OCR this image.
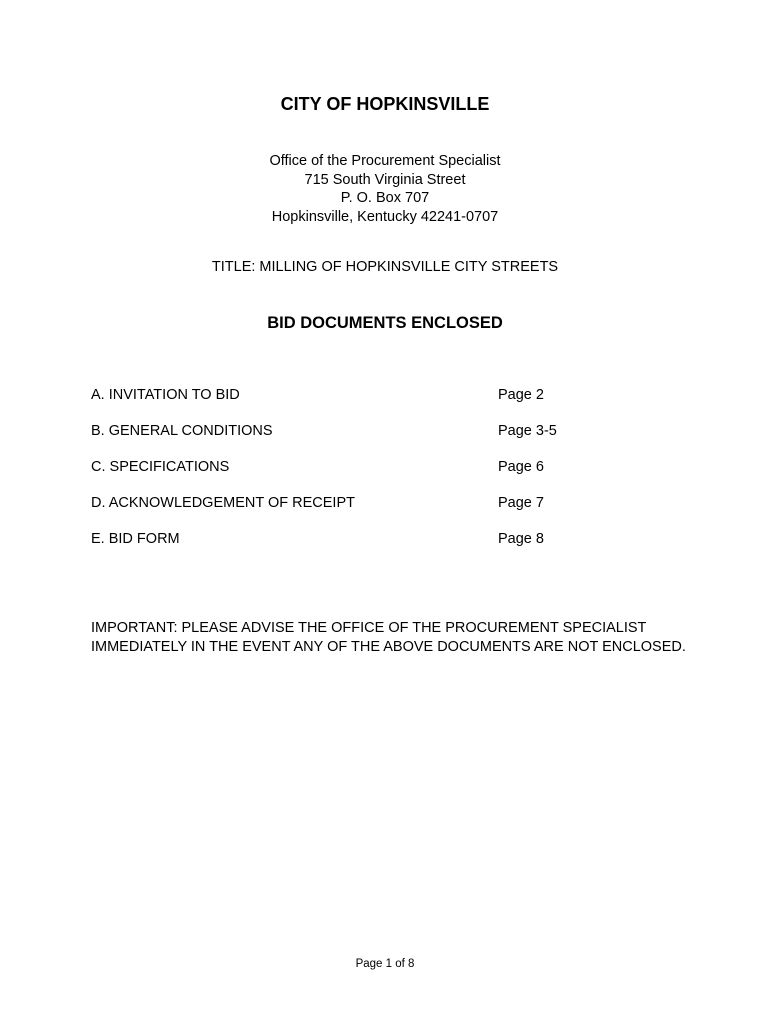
CITY OF HOPKINSVILLE
Office of the Procurement Specialist
715 South Virginia Street
P. O. Box 707
Hopkinsville, Kentucky 42241-0707
TITLE: MILLING OF HOPKINSVILLE CITY STREETS
BID DOCUMENTS ENCLOSED
A. INVITATION TO BID	Page 2
B. GENERAL CONDITIONS	Page 3-5
C. SPECIFICATIONS	Page 6
D. ACKNOWLEDGEMENT OF RECEIPT	Page 7
E. BID FORM	Page 8
IMPORTANT: PLEASE ADVISE THE OFFICE OF THE PROCUREMENT SPECIALIST IMMEDIATELY IN THE EVENT ANY OF THE ABOVE DOCUMENTS ARE NOT ENCLOSED.
Page 1 of 8
